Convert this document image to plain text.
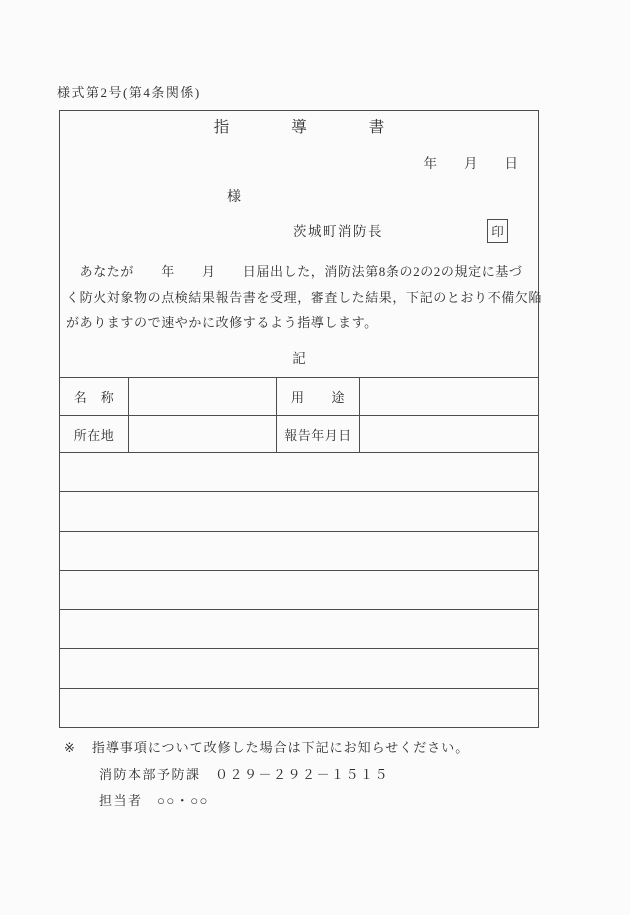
様式第2号(第4条関係)
指　　　　導　　　　書
年　　月　　日
様
茨城町消防長	印
　あなたが　　年　　月　　日届出した，消防法第8条の2の2の規定に基づ
く防火対象物の点検結果報告書を受理，審査した結果，下記のとおり不備欠陥
がありますので速やかに改修するよう指導します。
記
名　称	用　　途
所在地	報告年月日
※ 指導事項について改修した場合は下記にお知らせください。
消防本部予防課　０２９－２９２－１５１５
担当者　○○・○○
